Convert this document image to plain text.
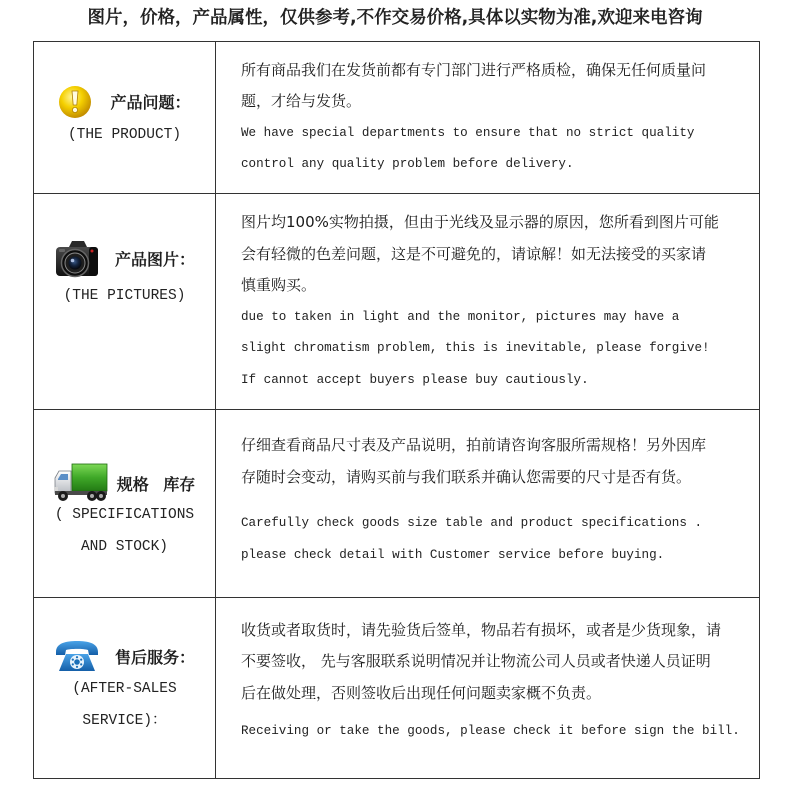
图片，价格，产品属性，仅供参考,不作交易价格,具体以实物为准,欢迎来电咨询
产品问题：
(THE PRODUCT)
所有商品我们在发货前都有专门部门进行严格质检，确保无任何质量问
题，才给与发货。
We have special departments to ensure that no strict quality
control any quality problem before delivery.
产品图片：
(THE PICTURES)
图片均100%实物拍摄，但由于光线及显示器的原因，您所看到图片可能
会有轻微的色差问题，这是不可避免的，请谅解！如无法接受的买家请
慎重购买。
due to taken in light and the monitor, pictures may have a
slight chromatism problem, this is inevitable, please forgive!
If cannot accept buyers please buy cautiously.
规格 库存
( SPECIFICATIONS
AND STOCK)
仔细查看商品尺寸表及产品说明，拍前请咨询客服所需规格！另外因库
存随时会变动，请购买前与我们联系并确认您需要的尺寸是否有货。
Carefully check goods size table and product specifications .
please check detail with Customer service before buying.
售后服务：
(AFTER-SALES
SERVICE)：
收货或者取货时，请先验货后签单，物品若有损坏，或者是少货现象，请
不要签收， 先与客服联系说明情况并让物流公司人员或者快递人员证明
后在做处理，否则签收后出现任何问题卖家概不负责。
Receiving or take the goods, please check it before sign the bill.
